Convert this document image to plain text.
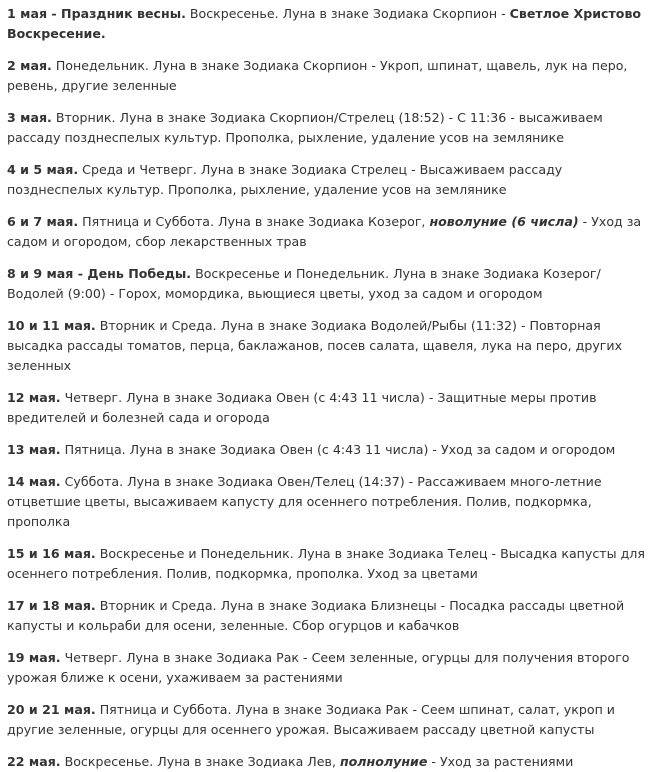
1 мая - Праздник весны. Воскресенье. Луна в знаке Зодиака Скорпион - Светлое Христово Воскресение.

2 мая. Понедельник. Луна в знаке Зодиака Скорпион - Укроп, шпинат, щавель, лук на перо, ревень, другие зеленные

3 мая. Вторник. Луна в знаке Зодиака Скорпион/Стрелец (18:52) - С 11:36 - высаживаем рассаду позднеспелых культур. Прополка, рыхление, удаление усов на землянике

4 и 5 мая. Среда и Четверг. Луна в знаке Зодиака Стрелец - Высаживаем рассаду позднеспелых культур. Прополка, рыхление, удаление усов на землянике

6 и 7 мая. Пятница и Суббота. Луна в знаке Зодиака Козерог, новолуние (6 числа) - Уход за садом и огородом, сбор лекарственных трав

8 и 9 мая - День Победы. Воскресенье и Понедельник. Луна в знаке Зодиака Козерог/Водолей (9:00) - Горох, момордика, вьющиеся цветы, уход за садом и огородом

10 и 11 мая. Вторник и Среда. Луна в знаке Зодиака Водолей/Рыбы (11:32) - Повторная высадка рассады томатов, перца, баклажанов, посев салата, щавеля, лука на перо, других зеленных

12 мая. Четверг. Луна в знаке Зодиака Овен (с 4:43 11 числа) - Защитные меры против вредителей и болезней сада и огорода

13 мая. Пятница. Луна в знаке Зодиака Овен (с 4:43 11 числа) - Уход за садом и огородом

14 мая. Суббота. Луна в знаке Зодиака Овен/Телец (14:37) - Рассаживаем много-летние отцветшие цветы, высаживаем капусту для осеннего потребления. Полив, подкормка, прополка

15 и 16 мая. Воскресенье и Понедельник. Луна в знаке Зодиака Телец - Высадка капусты для осеннего потребления. Полив, подкормка, прополка. Уход за цветами

17 и 18 мая. Вторник и Среда. Луна в знаке Зодиака Близнецы - Посадка рассады цветной капусты и кольраби для осени, зеленные. Сбор огурцов и кабачков

19 мая. Четверг. Луна в знаке Зодиака Рак - Сеем зеленные, огурцы для получения второго урожая ближе к осени, ухаживаем за растениями

20 и 21 мая. Пятница и Суббота. Луна в знаке Зодиака Рак - Сеем шпинат, салат, укроп и другие зеленные, огурцы для осеннего урожая. Высаживаем рассаду цветной капусты

22 мая. Воскресенье. Луна в знаке Зодиака Лев, полнолуние - Уход за растениями
